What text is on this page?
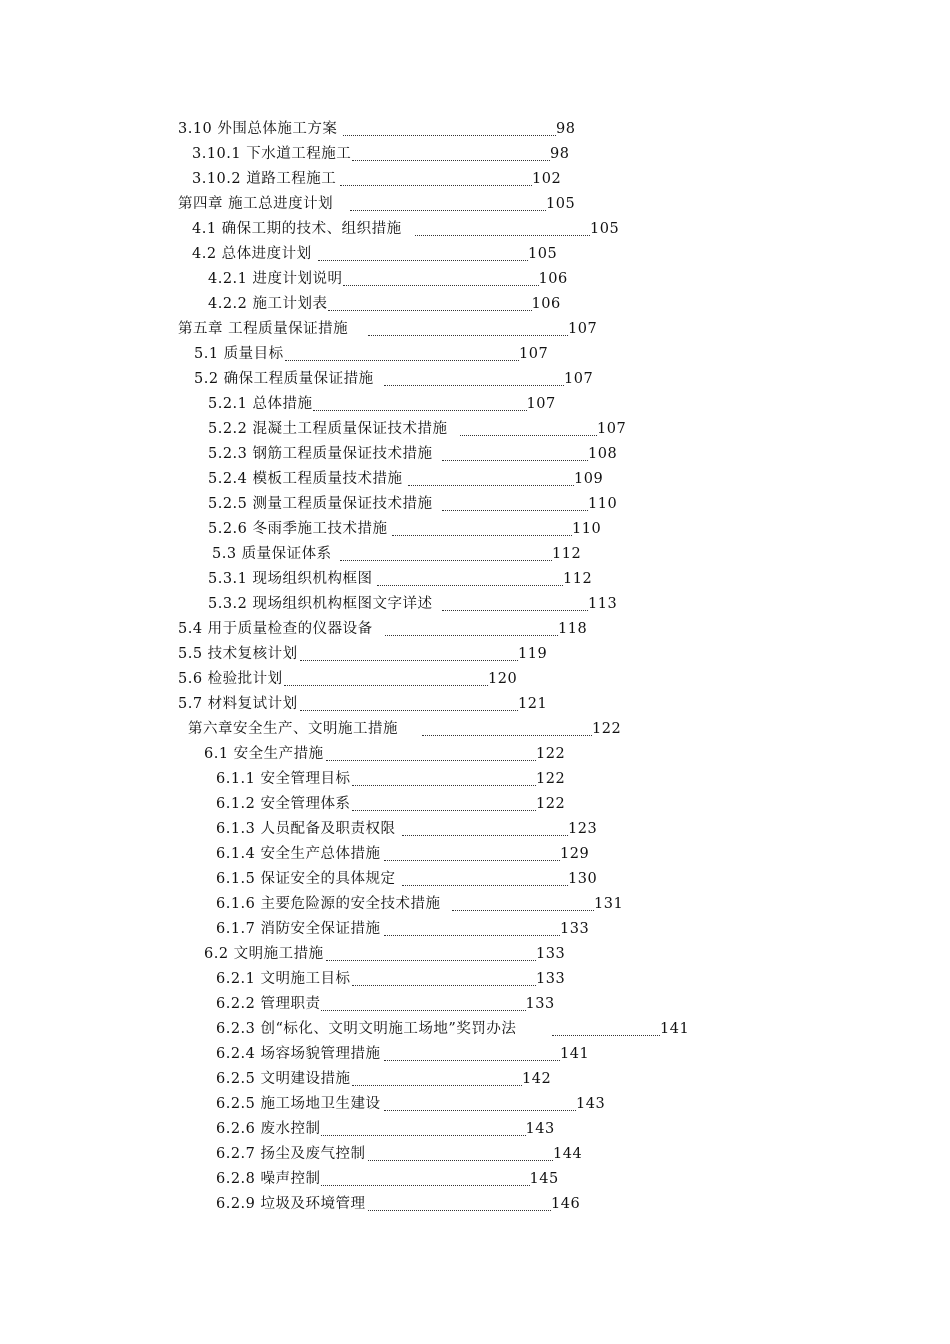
3.10 外围总体施工方案	98
3.10.1 下水道工程施工	98
3.10.2 道路工程施工	102
第四章 施工总进度计划	105
4.1 确保工期的技术、组织措施	105
4.2 总体进度计划	105
4.2.1 进度计划说明	106
4.2.2 施工计划表	106
第五章 工程质量保证措施	107
5.1 质量目标	107
5.2 确保工程质量保证措施	107
5.2.1 总体措施	107
5.2.2 混凝土工程质量保证技术措施	107
5.2.3 钢筋工程质量保证技术措施	108
5.2.4 模板工程质量技术措施	109
5.2.5 测量工程质量保证技术措施	110
5.2.6 冬雨季施工技术措施	110
5.3 质量保证体系	112
5.3.1 现场组织机构框图	112
5.3.2 现场组织机构框图文字详述	113
5.4 用于质量检查的仪器设备	118
5.5 技术复核计划	119
5.6 检验批计划	120
5.7 材料复试计划	121
第六章安全生产、文明施工措施	122
6.1 安全生产措施	122
6.1.1 安全管理目标	122
6.1.2 安全管理体系	122
6.1.3 人员配备及职责权限	123
6.1.4 安全生产总体措施	129
6.1.5 保证安全的具体规定	130
6.1.6 主要危险源的安全技术措施	131
6.1.7 消防安全保证措施	133
6.2 文明施工措施	133
6.2.1 文明施工目标	133
6.2.2 管理职责	133
6.2.3 创“标化、文明文明施工场地”奖罚办法	141
6.2.4 场容场貌管理措施	141
6.2.5 文明建设措施	142
6.2.5 施工场地卫生建设	143
6.2.6 废水控制	143
6.2.7 扬尘及废气控制	144
6.2.8 噪声控制	145
6.2.9 垃圾及环境管理	146
